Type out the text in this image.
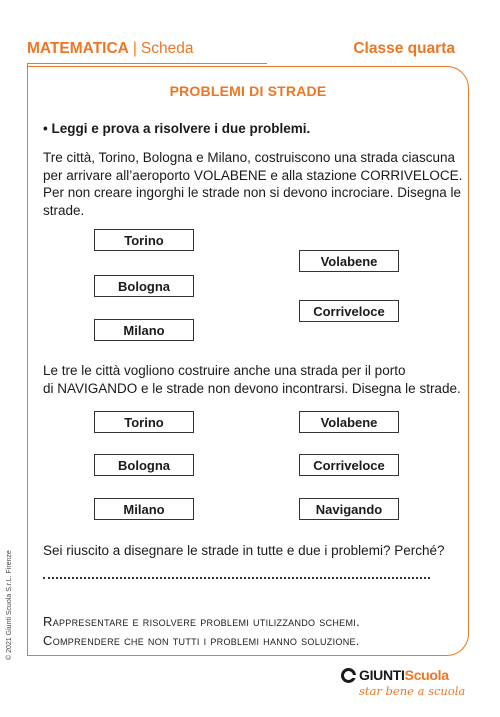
MATEMATICA | Scheda	Classe quarta
PROBLEMI DI STRADE
• Leggi e prova a risolvere i due problemi.
Tre città, Torino, Bologna e Milano, costruiscono una strada ciascuna
per arrivare all’aeroporto VOLABENE e alla stazione CORRIVELOCE.
Per non creare ingorghi le strade non si devono incrociare. Disegna le
strade.
Torino
Bologna
Milano
Volabene
Corriveloce
Le tre le città vogliono costruire anche una strada per il porto
di NAVIGANDO e le strade non devono incontrarsi. Disegna le strade.
Torino
Bologna
Milano
Volabene
Corriveloce
Navigando
Sei riuscito a disegnare le strade in tutte e due i problemi? Perché?
Rappresentare e risolvere problemi utilizzando schemi.
Comprendere che non tutti i problemi hanno soluzione.
© 2021 Giunti Scuola S.r.L. Firenze
GIUNTI Scuola
star bene a scuola
